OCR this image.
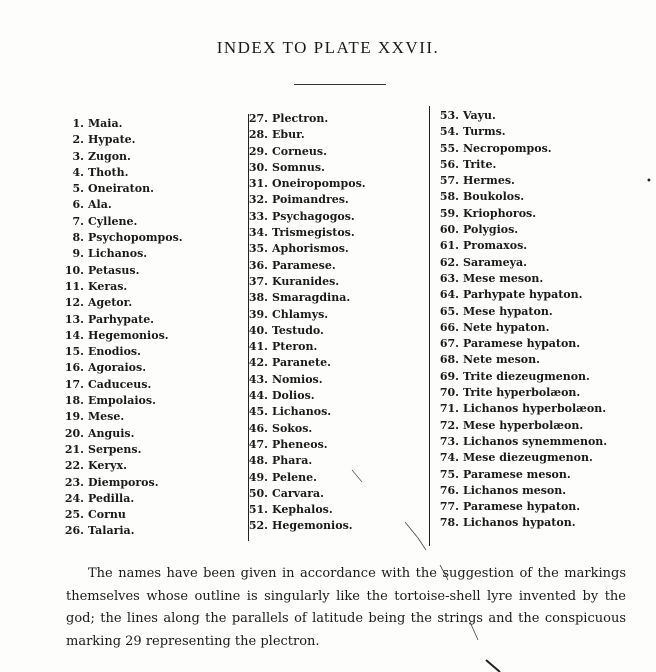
INDEX TO PLATE XXVII.
1. Maia.
2. Hypate.
3. Zugon.
4. Thoth.
5. Oneiraton.
6. Ala.
7. Cyllene.
8. Psychopompos.
9. Lichanos.
10. Petasus.
11. Keras.
12. Agetor.
13. Parhypate.
14. Hegemonios.
15. Enodios.
16. Agoraios.
17. Caduceus.
18. Empolaios.
19. Mese.
20. Anguis.
21. Serpens.
22. Keryx.
23. Diemporos.
24. Pedilla.
25. Cornu
26. Talaria.
27. Plectron.
28. Ebur.
29. Corneus.
30. Somnus.
31. Oneiropompos.
32. Poimandres.
33. Psychagogos.
34. Trismegistos.
35. Aphorismos.
36. Paramese.
37. Kuranides.
38. Smaragdina.
39. Chlamys.
40. Testudo.
41. Pteron.
42. Paranete.
43. Nomios.
44. Dolios.
45. Lichanos.
46. Sokos.
47. Pheneos.
48. Phara.
49. Pelene.
50. Carvara.
51. Kephalos.
52. Hegemonios.
53. Vayu.
54. Turms.
55. Necropompos.
56. Trite.
57. Hermes.
58. Boukolos.
59. Kriophoros.
60. Polygios.
61. Promaxos.
62. Sarameya.
63. Mese meson.
64. Parhypate hypaton.
65. Mese hypaton.
66. Nete hypaton.
67. Paramese hypaton.
68. Nete meson.
69. Trite diezeugmenon.
70. Trite hyperbolæon.
71. Lichanos hyperbolæon.
72. Mese hyperbolæon.
73. Lichanos synemmenon.
74. Mese diezeugmenon.
75. Paramese meson.
76. Lichanos meson.
77. Paramese hypaton.
78. Lichanos hypaton.
•
The names have been given in accordance with the suggestion of the markings themselves whose outline is singularly like the tortoise-shell lyre invented by the god; the lines along the parallels of latitude being the strings and the conspicuous marking 29 representing the plectron.
